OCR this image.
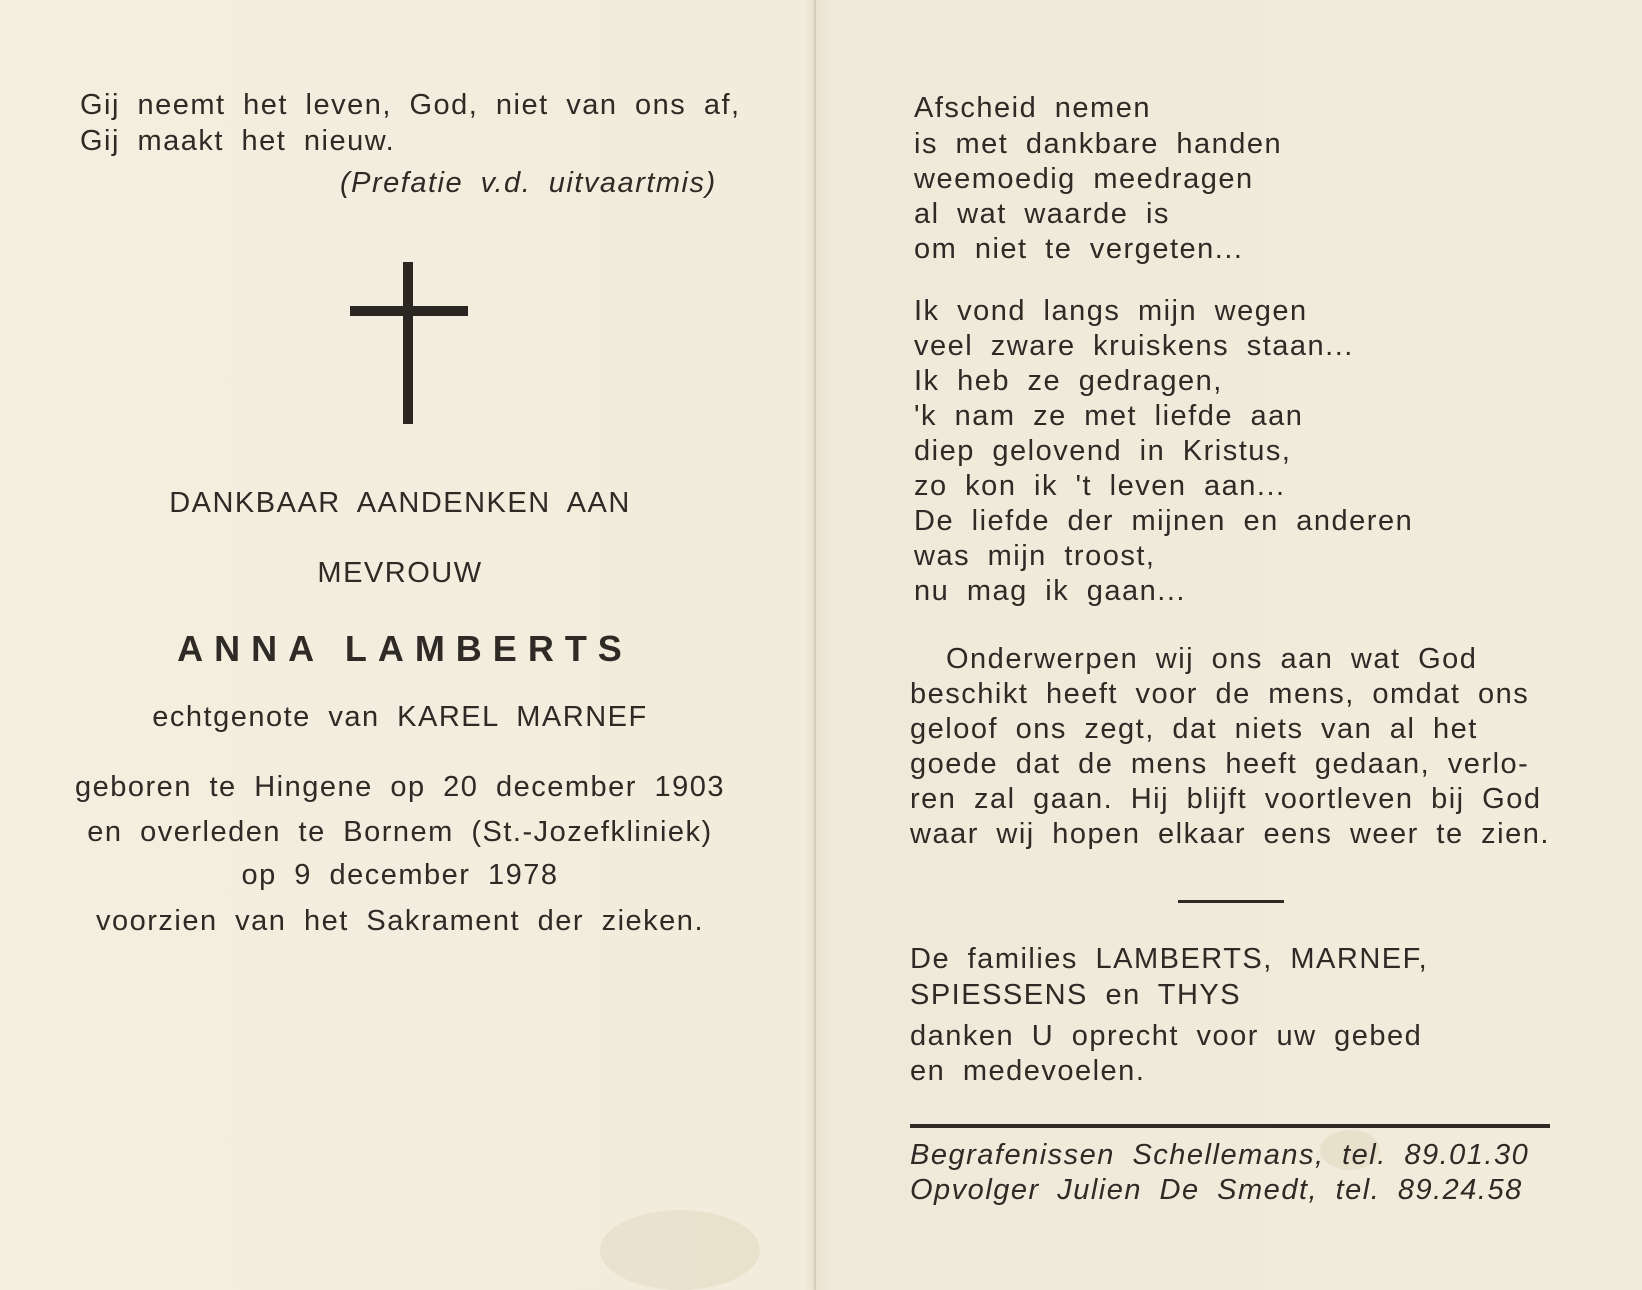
Gij neemt het leven, God, niet van ons af,
Gij maakt het nieuw.
(Prefatie v.d. uitvaartmis)
DANKBAAR AANDENKEN AAN
MEVROUW
ANNA LAMBERTS
echtgenote van KAREL MARNEF
geboren te Hingene op 20 december 1903
en overleden te Bornem (St.-Jozefkliniek)
op 9 december 1978
voorzien van het Sakrament der zieken.
Afscheid nemen
is met dankbare handen
weemoedig meedragen
al wat waarde is
om niet te vergeten...
Ik vond langs mijn wegen
veel zware kruiskens staan...
Ik heb ze gedragen,
'k nam ze met liefde aan
diep gelovend in Kristus,
zo kon ik 't leven aan...
De liefde der mijnen en anderen
was mijn troost,
nu mag ik gaan...
Onderwerpen wij ons aan wat God
beschikt heeft voor de mens, omdat ons
geloof ons zegt, dat niets van al het
goede dat de mens heeft gedaan, verlo-
ren zal gaan. Hij blijft voortleven bij God
waar wij hopen elkaar eens weer te zien.
De families LAMBERTS, MARNEF,
SPIESSENS en THYS
danken U oprecht voor uw gebed
en medevoelen.
Begrafenissen Schellemans, tel. 89.01.30
Opvolger Julien De Smedt, tel. 89.24.58
